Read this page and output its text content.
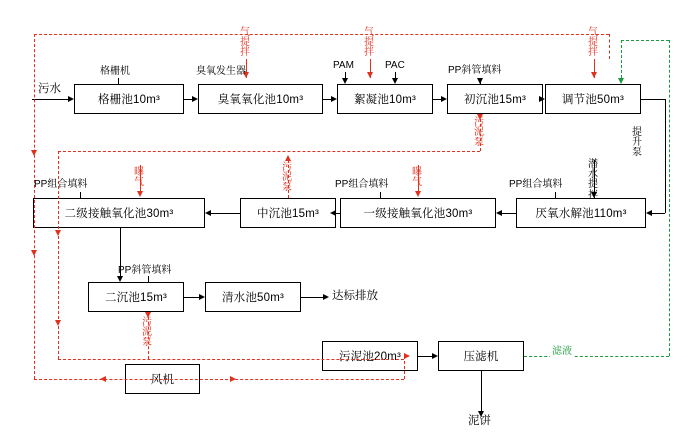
格栅池10m³	臭氧氧化池10m³	絮凝池10m³	初沉池15m³	调节池50m³
二级接触氧化池30m³	中沉池15m³	一级接触氧化池30m³	厌氧水解池110m³
二沉池15m³	清水池50m³
污泥池20m³	压滤机
风机
污水
格栅机	臭氧发生器
PAM	PAC	PP斜管填料
PP组合填料
PP组合填料
PP组合填料
PP斜管填料
气提拌
气提拌
气提拌
污泥泵
污泥泵
污泥泵
曝气
曝气
提升泵
潜水提拌
达标排放
滤液
泥饼
